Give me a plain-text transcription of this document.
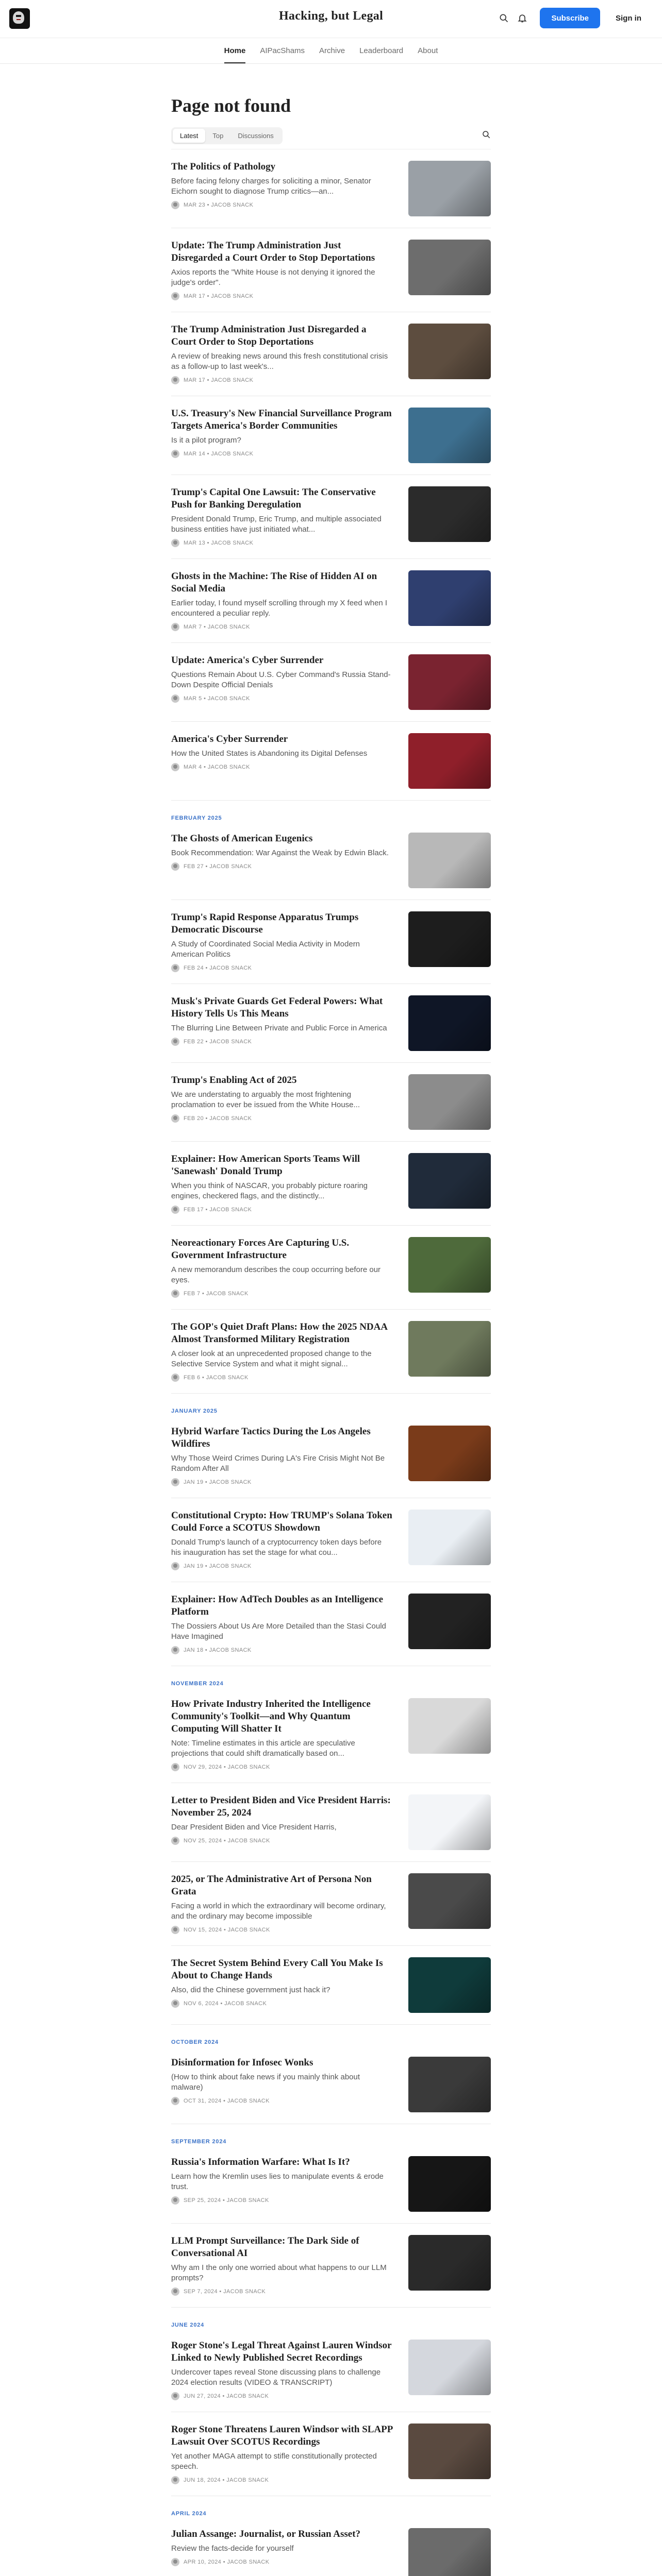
Hacking, but Legal	Subscribe	Sign in
Home	AIPacShams	Archive	Leaderboard	About
Page not found
Latest	Top	Discussions
The Politics of Pathology
Before facing felony charges for soliciting a minor, Senator Eichorn sought to diagnose Trump critics—an...
MAR 23 • JACOB SNACK
Update: The Trump Administration Just Disregarded a Court Order to Stop Deportations
Axios reports the "White House is not denying it ignored the judge's order".
MAR 17 • JACOB SNACK
The Trump Administration Just Disregarded a Court Order to Stop Deportations
A review of breaking news around this fresh constitutional crisis as a follow-up to last week's...
MAR 17 • JACOB SNACK
U.S. Treasury's New Financial Surveillance Program Targets America's Border Communities
Is it a pilot program?
MAR 14 • JACOB SNACK
Trump's Capital One Lawsuit: The Conservative Push for Banking Deregulation
President Donald Trump, Eric Trump, and multiple associated business entities have just initiated what...
MAR 13 • JACOB SNACK
Ghosts in the Machine: The Rise of Hidden AI on Social Media
Earlier today, I found myself scrolling through my X feed when I encountered a peculiar reply.
MAR 7 • JACOB SNACK
Update: America's Cyber Surrender
Questions Remain About U.S. Cyber Command's Russia Stand-Down Despite Official Denials
MAR 5 • JACOB SNACK
America's Cyber Surrender
How the United States is Abandoning its Digital Defenses
MAR 4 • JACOB SNACK
FEBRUARY 2025
The Ghosts of American Eugenics
Book Recommendation: War Against the Weak by Edwin Black.
FEB 27 • JACOB SNACK
Trump's Rapid Response Apparatus Trumps Democratic Discourse
A Study of Coordinated Social Media Activity in Modern American Politics
FEB 24 • JACOB SNACK
Musk's Private Guards Get Federal Powers: What History Tells Us This Means
The Blurring Line Between Private and Public Force in America
FEB 22 • JACOB SNACK
Trump's Enabling Act of 2025
We are understating to arguably the most frightening proclamation to ever be issued from the White House...
FEB 20 • JACOB SNACK
Explainer: How American Sports Teams Will 'Sanewash' Donald Trump
When you think of NASCAR, you probably picture roaring engines, checkered flags, and the distinctly...
FEB 17 • JACOB SNACK
Neoreactionary Forces Are Capturing U.S. Government Infrastructure
A new memorandum describes the coup occurring before our eyes.
FEB 7 • JACOB SNACK
The GOP's Quiet Draft Plans: How the 2025 NDAA Almost Transformed Military Registration
A closer look at an unprecedented proposed change to the Selective Service System and what it might signal...
FEB 6 • JACOB SNACK
JANUARY 2025
Hybrid Warfare Tactics During the Los Angeles Wildfires
Why Those Weird Crimes During LA's Fire Crisis Might Not Be Random After All
JAN 19 • JACOB SNACK
Constitutional Crypto: How TRUMP's Solana Token Could Force a SCOTUS Showdown
Donald Trump's launch of a cryptocurrency token days before his inauguration has set the stage for what cou...
JAN 19 • JACOB SNACK
Explainer: How AdTech Doubles as an Intelligence Platform
The Dossiers About Us Are More Detailed than the Stasi Could Have Imagined
JAN 18 • JACOB SNACK
NOVEMBER 2024
How Private Industry Inherited the Intelligence Community's Toolkit—and Why Quantum Computing Will Shatter It
Note: Timeline estimates in this article are speculative projections that could shift dramatically based on...
NOV 29, 2024 • JACOB SNACK
Letter to President Biden and Vice President Harris: November 25, 2024
Dear President Biden and Vice President Harris,
NOV 25, 2024 • JACOB SNACK
2025, or The Administrative Art of Persona Non Grata
Facing a world in which the extraordinary will become ordinary, and the ordinary may become impossible
NOV 15, 2024 • JACOB SNACK
The Secret System Behind Every Call You Make Is About to Change Hands
Also, did the Chinese government just hack it?
NOV 6, 2024 • JACOB SNACK
OCTOBER 2024
Disinformation for Infosec Wonks
(How to think about fake news if you mainly think about malware)
OCT 31, 2024 • JACOB SNACK
SEPTEMBER 2024
Russia's Information Warfare: What Is It?
Learn how the Kremlin uses lies to manipulate events & erode trust.
SEP 25, 2024 • JACOB SNACK
LLM Prompt Surveillance: The Dark Side of Conversational AI
Why am I the only one worried about what happens to our LLM prompts?
SEP 7, 2024 • JACOB SNACK
JUNE 2024
Roger Stone's Legal Threat Against Lauren Windsor Linked to Newly Published Secret Recordings
Undercover tapes reveal Stone discussing plans to challenge 2024 election results (VIDEO & TRANSCRIPT)
JUN 27, 2024 • JACOB SNACK
Roger Stone Threatens Lauren Windsor with SLAPP Lawsuit Over SCOTUS Recordings
Yet another MAGA attempt to stifle constitutionally protected speech.
JUN 18, 2024 • JACOB SNACK
APRIL 2024
Julian Assange: Journalist, or Russian Asset?
Review the facts-decide for yourself
APR 10, 2024 • JACOB SNACK
